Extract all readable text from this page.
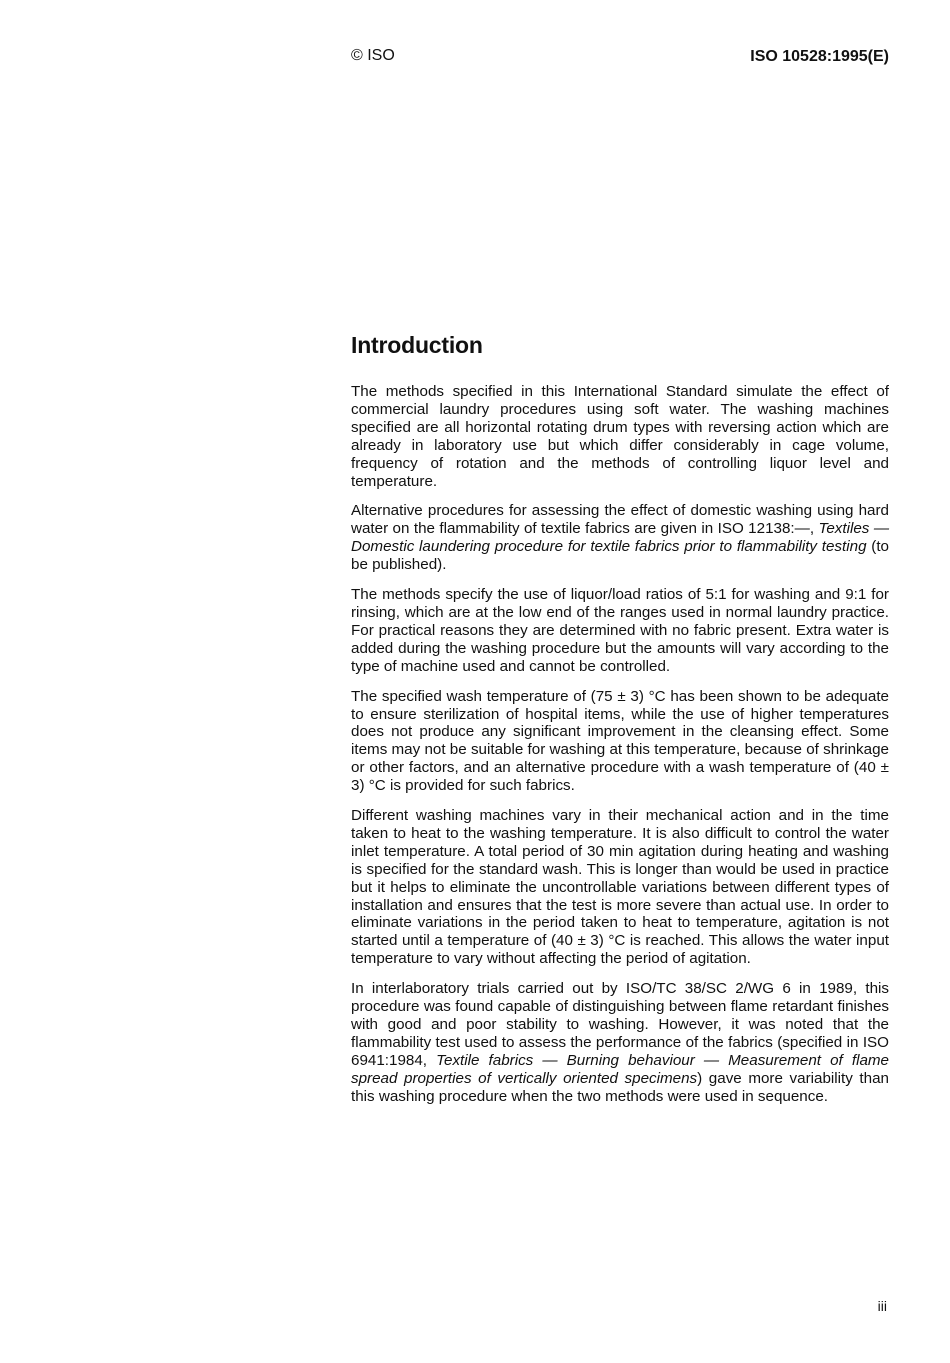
© ISO	ISO 10528:1995(E)
Introduction

The methods specified in this International Standard simulate the effect of commercial laundry procedures using soft water. The washing machines specified are all horizontal rotating drum types with reversing action which are already in laboratory use but which differ considerably in cage volume, frequency of rotation and the methods of controlling liquor level and temperature.

Alternative procedures for assessing the effect of domestic washing using hard water on the flammability of textile fabrics are given in ISO 12138:—, Textiles — Domestic laundering procedure for textile fabrics prior to flammability testing (to be published).

The methods specify the use of liquor/load ratios of 5:1 for washing and 9:1 for rinsing, which are at the low end of the ranges used in normal laundry practice. For practical reasons they are determined with no fabric present. Extra water is added during the washing procedure but the amounts will vary according to the type of machine used and cannot be controlled.

The specified wash temperature of (75 ± 3) °C has been shown to be adequate to ensure sterilization of hospital items, while the use of higher temperatures does not produce any significant improvement in the cleansing effect. Some items may not be suitable for washing at this temperature, because of shrinkage or other factors, and an alternative procedure with a wash temperature of (40 ± 3) °C is provided for such fabrics.

Different washing machines vary in their mechanical action and in the time taken to heat to the washing temperature. It is also difficult to control the water inlet temperature. A total period of 30 min agitation during heating and washing is specified for the standard wash. This is longer than would be used in practice but it helps to eliminate the uncontrollable variations between different types of installation and ensures that the test is more severe than actual use. In order to eliminate variations in the period taken to heat to temperature, agitation is not started until a temperature of (40 ± 3) °C is reached. This allows the water input temperature to vary without affecting the period of agitation.

In interlaboratory trials carried out by ISO/TC 38/SC 2/WG 6 in 1989, this procedure was found capable of distinguishing between flame retardant finishes with good and poor stability to washing. However, it was noted that the flammability test used to assess the performance of the fabrics (specified in ISO 6941:1984, Textile fabrics — Burning behaviour — Measurement of flame spread properties of vertically oriented specimens) gave more variability than this washing procedure when the two methods were used in sequence.

iii
